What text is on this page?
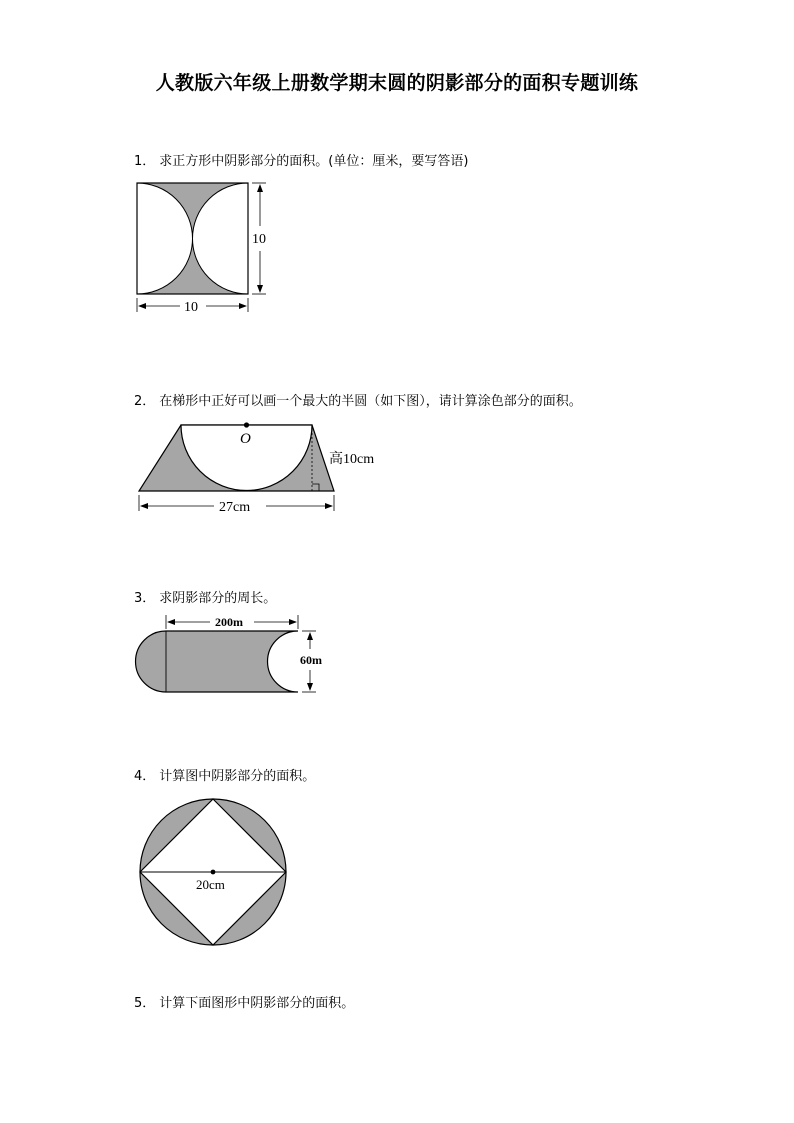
人教版六年级上册数学期末圆的阴影部分的面积专题训练
1． 求正方形中阴影部分的面积。(单位：厘米，要写答语)
10
10
2． 在梯形中正好可以画一个最大的半圆（如下图），请计算涂色部分的面积。
O
高10cm
27cm
3． 求阴影部分的周长。
200m
60m
4． 计算图中阴影部分的面积。
20cm
5． 计算下面图形中阴影部分的面积。
